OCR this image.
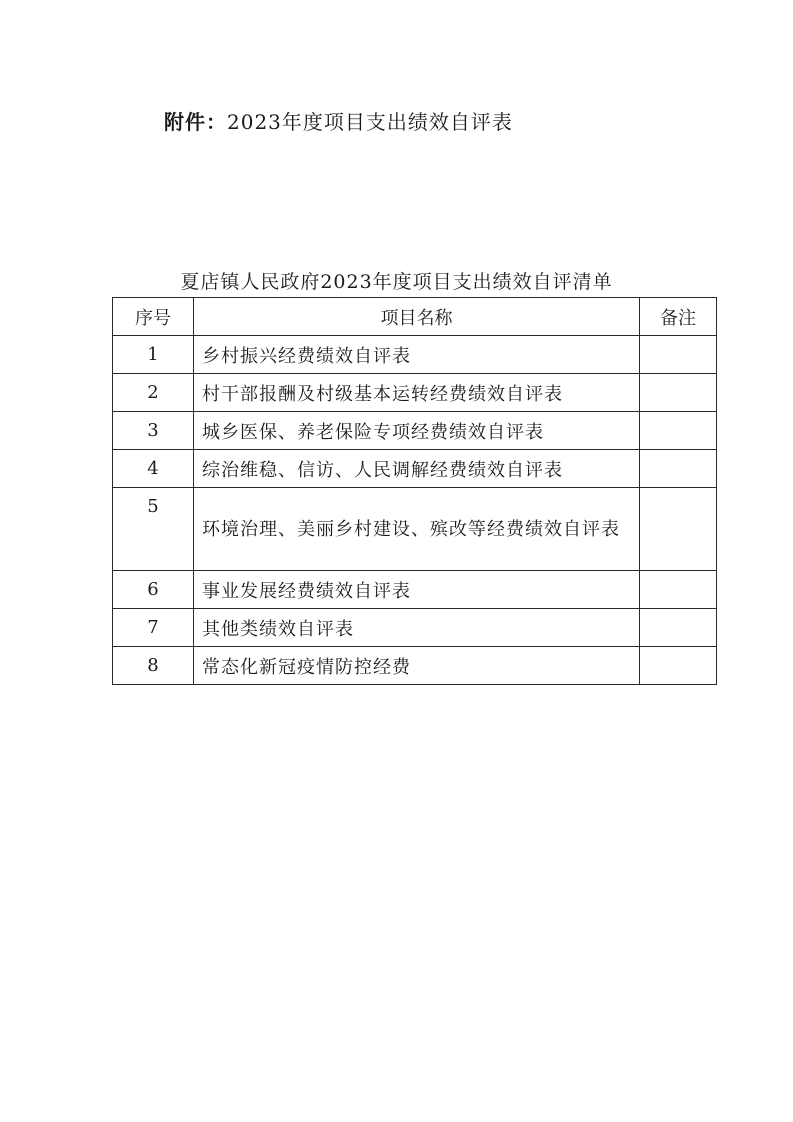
附件：2023年度项目支出绩效自评表
夏店镇人民政府2023年度项目支出绩效自评清单
序号	项目名称	备注
1	乡村振兴经费绩效自评表	
2	村干部报酬及村级基本运转经费绩效自评表	
3	城乡医保、养老保险专项经费绩效自评表	
4	综治维稳、信访、人民调解经费绩效自评表	
5	环境治理、美丽乡村建设、殡改等经费绩效自评表	
6	事业发展经费绩效自评表	
7	其他类绩效自评表	
8	常态化新冠疫情防控经费	
